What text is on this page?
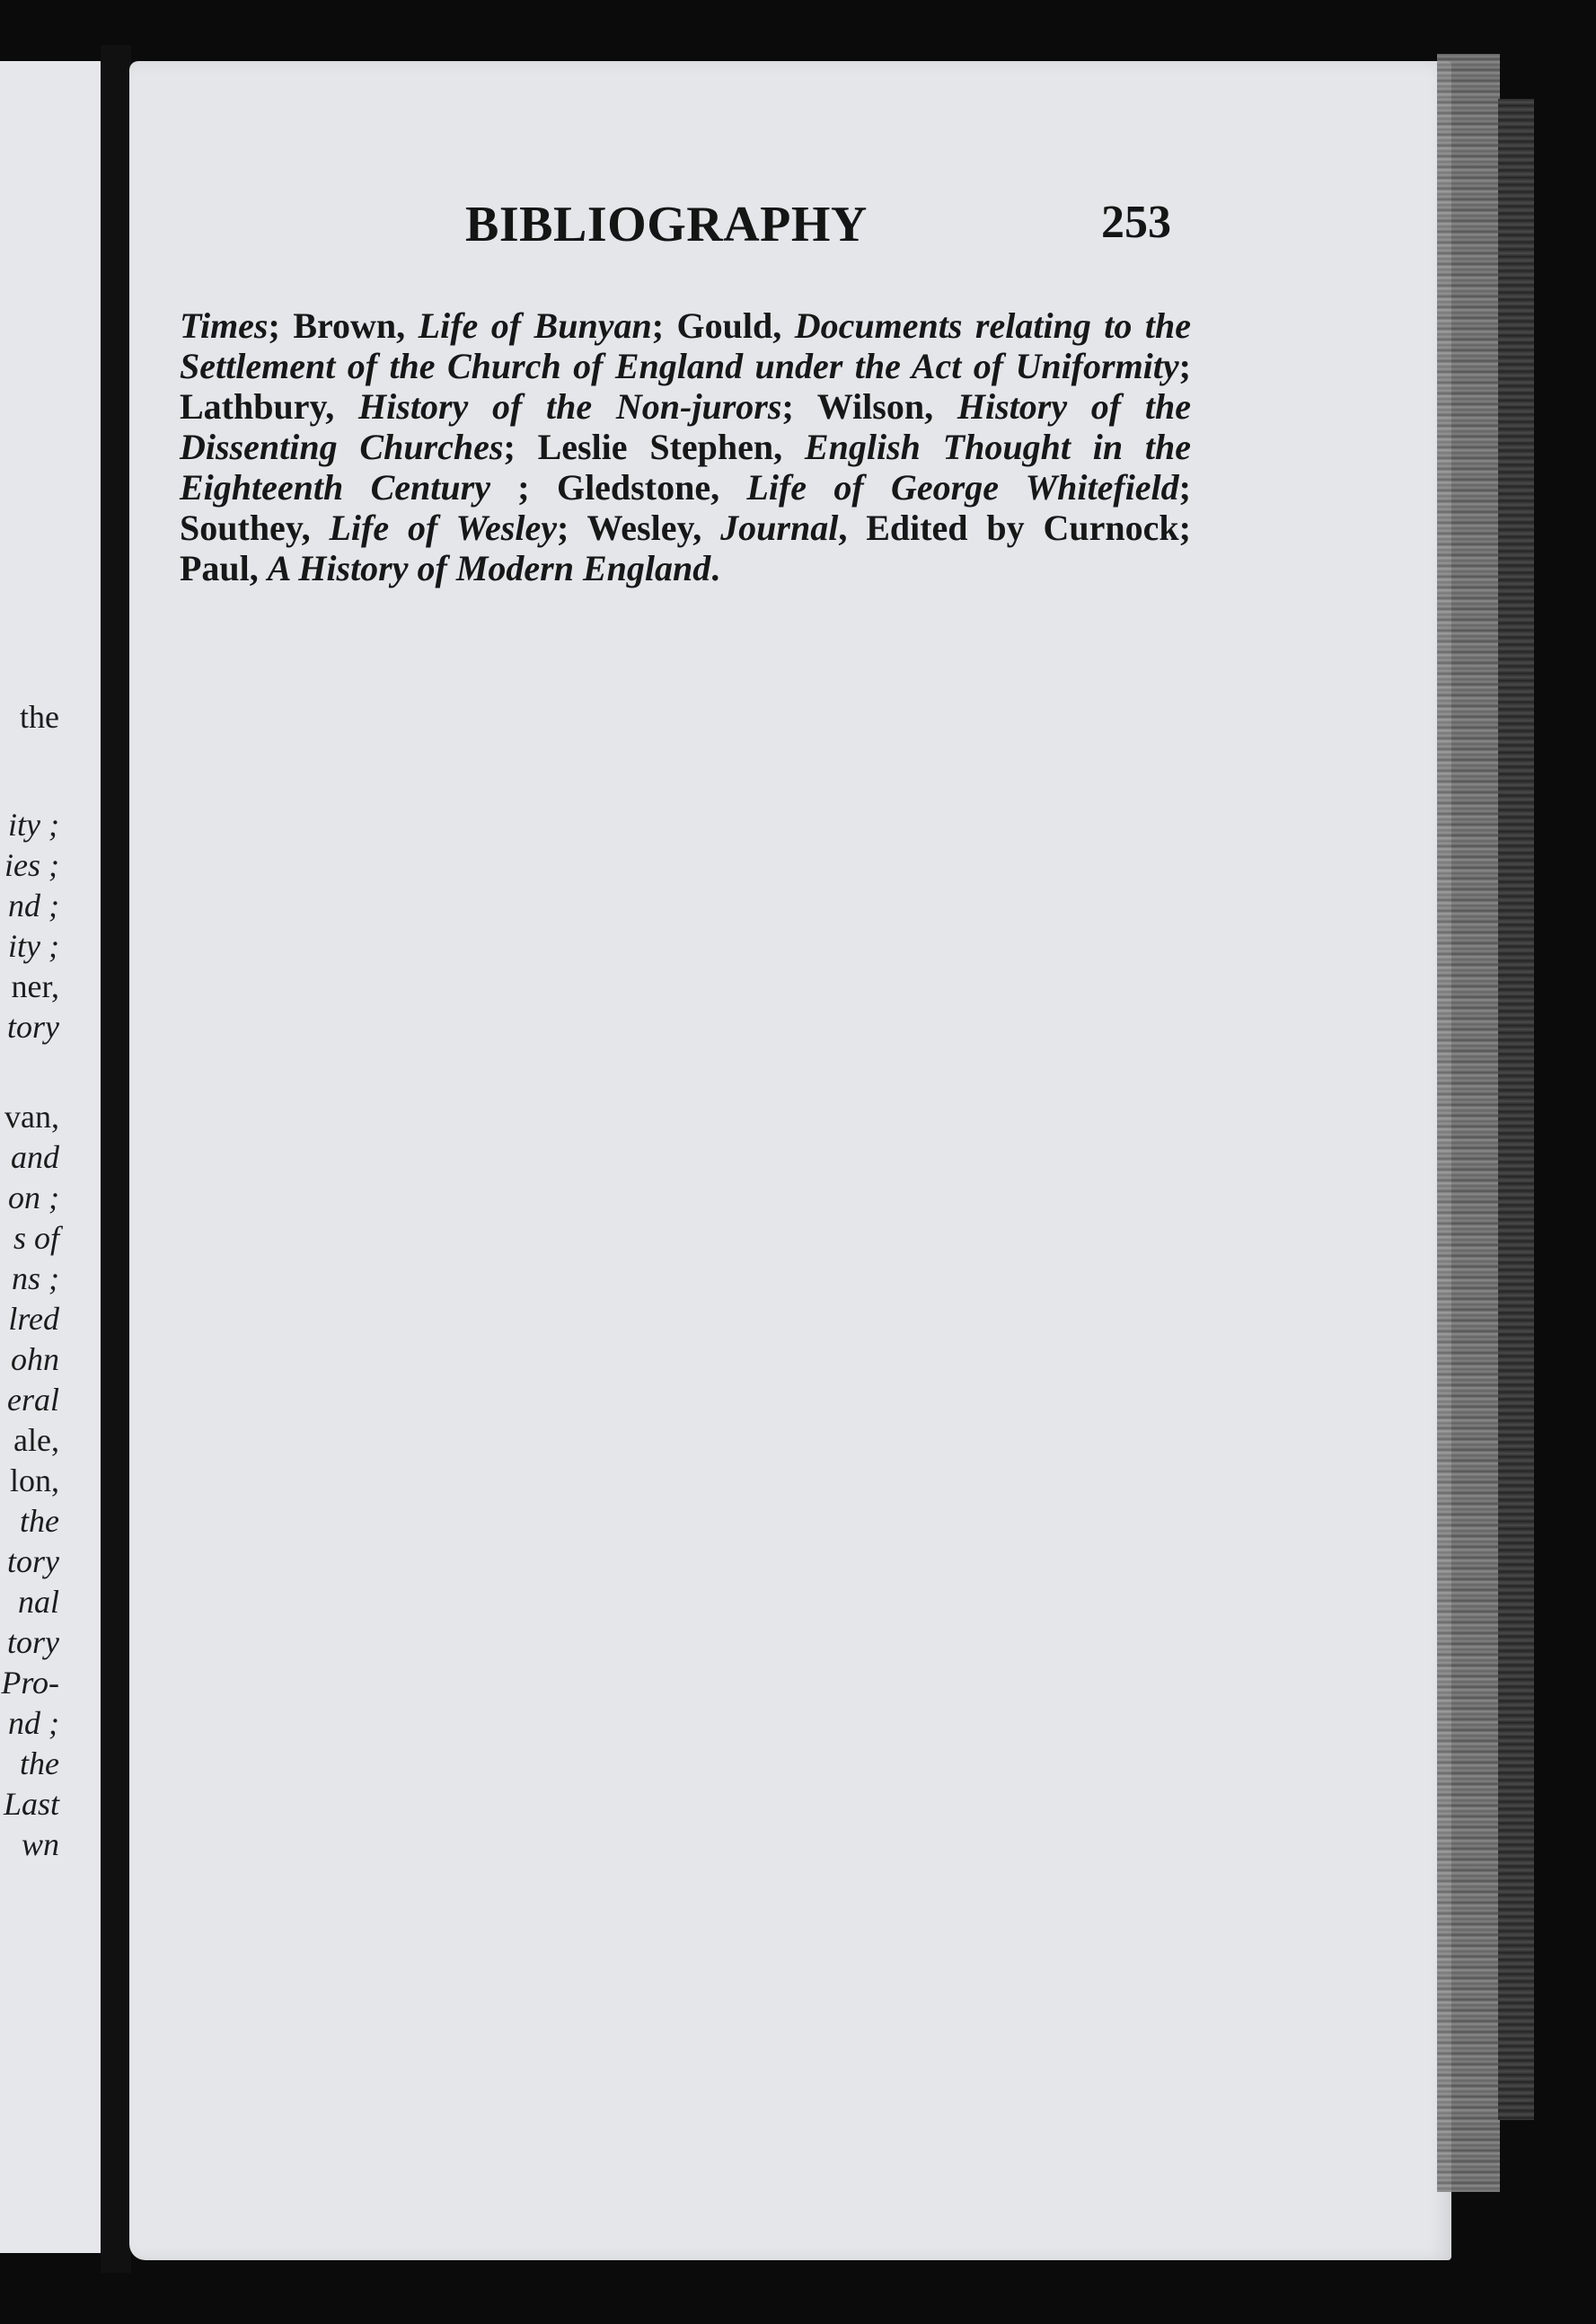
the
ity ;
ies ;
nd ;
ity ;
ner,
tory
van,
and
on ;
s of
ns ;
lred
ohn
eral
ale,
lon,
the
tory
nal
tory
Pro-
nd ;
the
Last
wn
BIBLIOGRAPHY	253
Times; Brown, Life of Bunyan; Gould, Documents relating to the Settlement of the Church of England under the Act of Uniformity; Lathbury, History of the Non-jurors; Wilson, History of the Dissenting Churches; Leslie Stephen, English Thought in the Eighteenth Century ; Gledstone, Life of George Whitefield; Southey, Life of Wesley; Wesley, Journal, Edited by Curnock; Paul, A History of Modern England.
